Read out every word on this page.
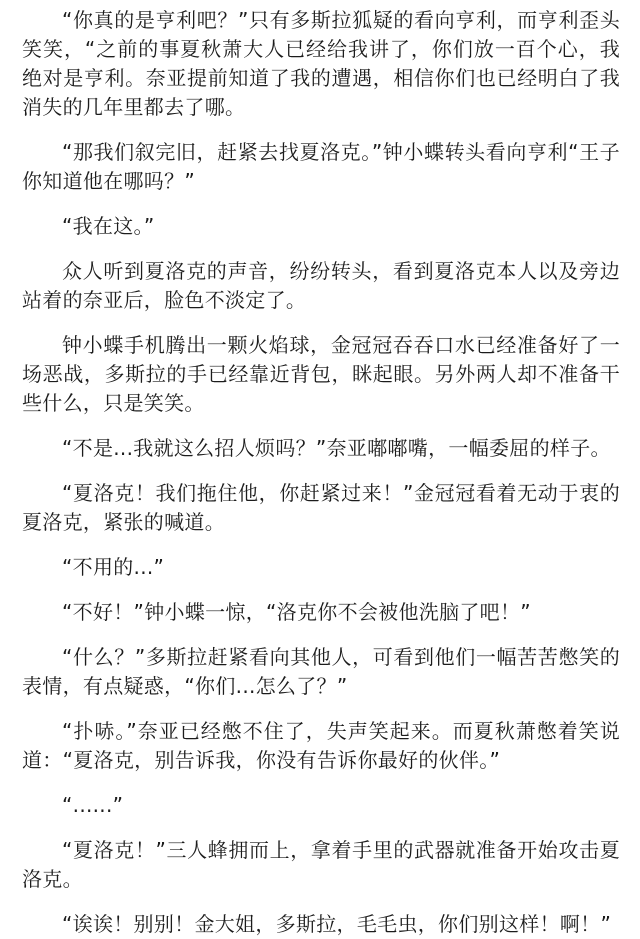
“你真的是亨利吧？”只有多斯拉狐疑的看向亨利，而亨利歪头笑笑，“之前的事夏秋萧大人已经给我讲了，你们放一百个心，我绝对是亨利。奈亚提前知道了我的遭遇，相信你们也已经明白了我消失的几年里都去了哪。

“那我们叙完旧，赶紧去找夏洛克。”钟小蝶转头看向亨利“王子你知道他在哪吗？”

“我在这。”

众人听到夏洛克的声音，纷纷转头，看到夏洛克本人以及旁边站着的奈亚后，脸色不淡定了。

钟小蝶手机腾出一颗火焰球，金冠冠吞吞口水已经准备好了一场恶战，多斯拉的手已经靠近背包，眯起眼。另外两人却不准备干些什么，只是笑笑。

“不是...我就这么招人烦吗？”奈亚嘟嘟嘴，一幅委屈的样子。

“夏洛克！我们拖住他，你赶紧过来！”金冠冠看着无动于衷的夏洛克，紧张的喊道。

“不用的...”

“不好！”钟小蝶一惊，“洛克你不会被他洗脑了吧！”

“什么？”多斯拉赶紧看向其他人，可看到他们一幅苦苦憋笑的表情，有点疑惑，“你们...怎么了？”

“扑哧。”奈亚已经憋不住了，失声笑起来。而夏秋萧憋着笑说道：“夏洛克，别告诉我，你没有告诉你最好的伙伴。”

“......”

“夏洛克！”三人蜂拥而上，拿着手里的武器就准备开始攻击夏洛克。

“诶诶！别别！金大姐，多斯拉，毛毛虫，你们别这样！啊！”
